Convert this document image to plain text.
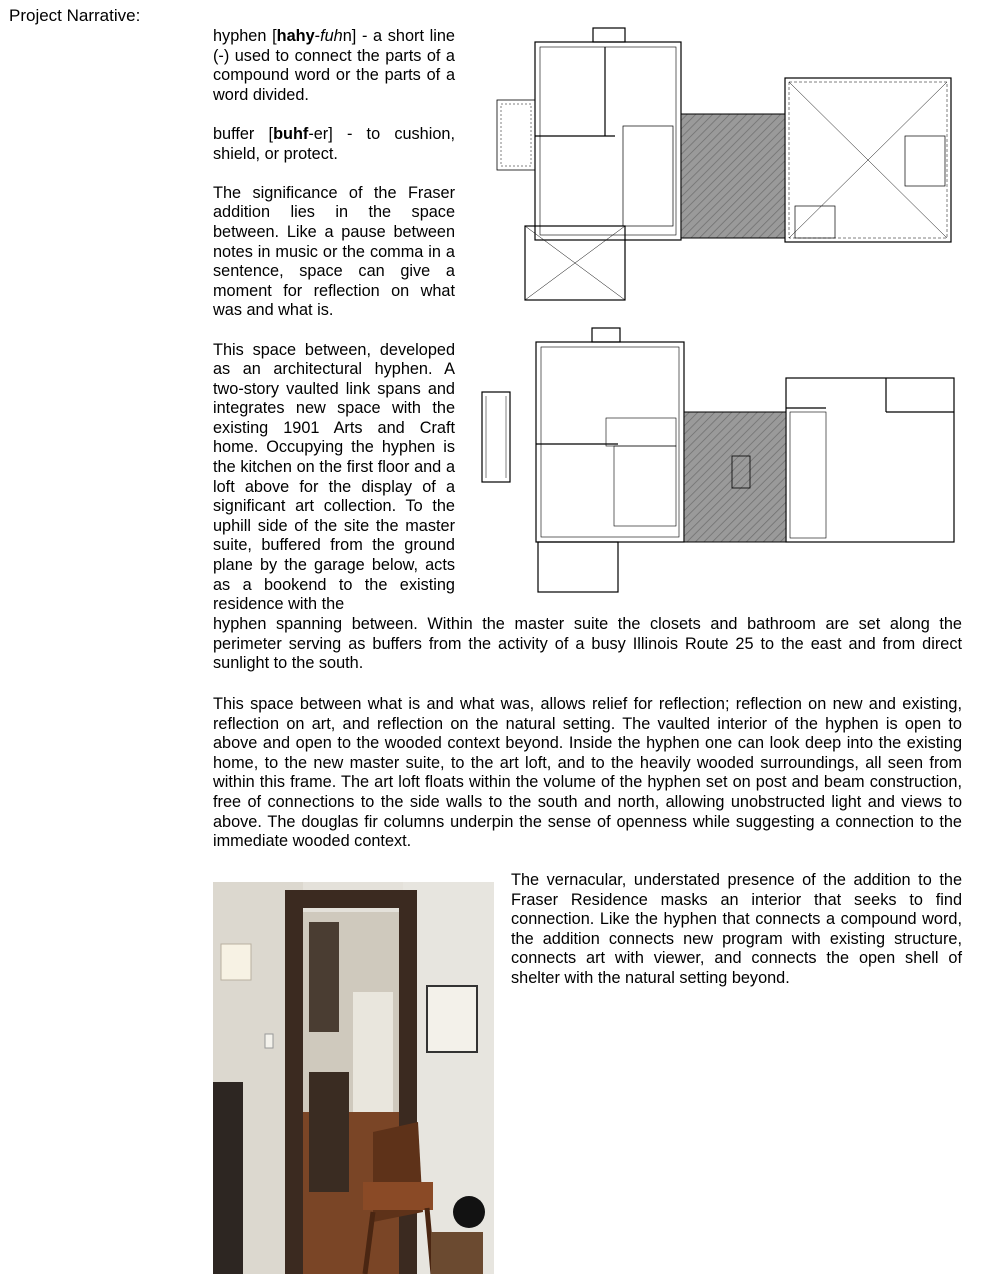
Project Narrative:

hyphen [hahy-fuhn] - a short line (-) used to connect the parts of a compound word or the parts of a word divided.

buffer [buhf-er] - to cushion, shield, or protect.

The significance of the Fraser addition lies in the space between. Like a pause between notes in music or the comma in a sentence, space can give a moment for reflection on what was and what is.

This space between, developed as an architectural hyphen. A two-story vaulted link spans and integrates new space with the existing 1901 Arts and Craft home. Occupying the hyphen is the kitchen on the first floor and a loft above for the display of a significant art collection. To the uphill side of the site the master suite, buffered from the ground plane by the garage below, acts as a bookend to the existing residence with the

hyphen spanning between. Within the master suite the closets and bathroom are set along the perimeter serving as buffers from the activity of a busy Illinois Route 25 to the east and from direct sunlight to the south.

This space between what is and what was, allows relief for reflection; reflection on new and existing, reflection on art, and reflection on the natural setting. The vaulted interior of the hyphen is open to above and open to the wooded context beyond. Inside the hyphen one can look deep into the existing home, to the new master suite, to the art loft, and to the heavily wooded surroundings, all seen from within this frame. The art loft floats within the volume of the hyphen set on post and beam construction, free of connections to the side walls to the south and north, allowing unobstructed light and views to above. The douglas fir columns underpin the sense of openness while suggesting a connection to the immediate wooded context.

The vernacular, understated presence of the addition to the Fraser Residence masks an interior that seeks to find connection. Like the hyphen that connects a compound word, the addition connects new program with existing structure, connects art with viewer, and connects the open shell of shelter with the natural setting beyond.
